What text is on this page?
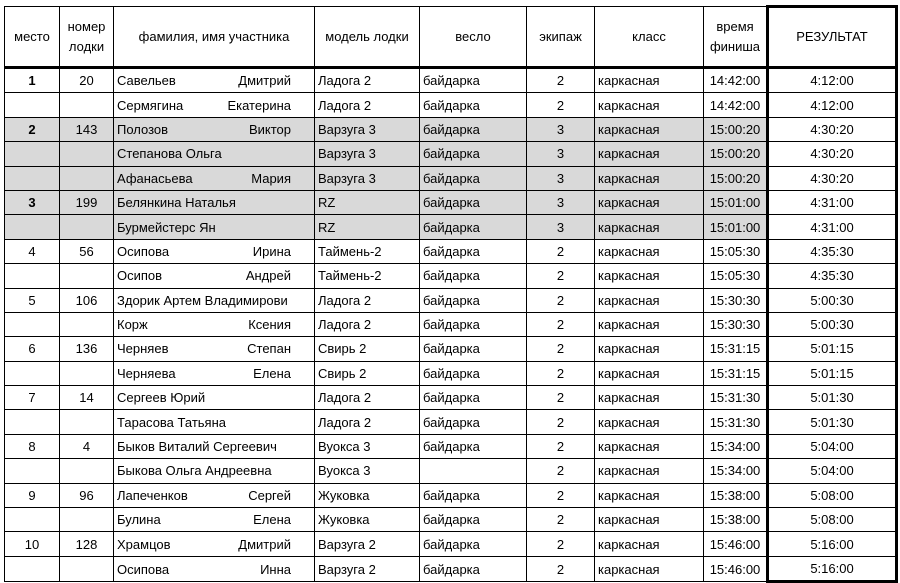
место	номер лодки	фамилия, имя участника	модель лодки	весло	экипаж	класс	время финиша	РЕЗУЛЬТАТ
1	20	Савельев Дмитрий	Ладога 2	байдарка	2	каркасная	14:42:00	4:12:00

		Сермягина Екатерина	Ладога 2	байдарка	2	каркасная	14:42:00	4:12:00
2	143	Полозов Виктор	Варзуга 3	байдарка	3	каркасная	15:00:20	4:30:20

		Степанова Ольга	Варзуга 3	байдарка	3	каркасная	15:00:20	4:30:20

		Афанасьева Мария	Варзуга 3	байдарка	3	каркасная	15:00:20	4:30:20
3	199	Белянкина Наталья	RZ	байдарка	3	каркасная	15:01:00	4:31:00

		Бурмейстерс Ян	RZ	байдарка	3	каркасная	15:01:00	4:31:00
4	56	Осипова Ирина	Таймень-2	байдарка	2	каркасная	15:05:30	4:35:30

		Осипов Андрей	Таймень-2	байдарка	2	каркасная	15:05:30	4:35:30
5	106	Здорик Артем Владимирови	Ладога 2	байдарка	2	каркасная	15:30:30	5:00:30

		Корж Ксения	Ладога 2	байдарка	2	каркасная	15:30:30	5:00:30
6	136	Черняев Степан	Свирь 2	байдарка	2	каркасная	15:31:15	5:01:15

		Черняева Елена	Свирь 2	байдарка	2	каркасная	15:31:15	5:01:15
7	14	Сергеев Юрий	Ладога 2	байдарка	2	каркасная	15:31:30	5:01:30

		Тарасова Татьяна	Ладога 2	байдарка	2	каркасная	15:31:30	5:01:30
8	4	Быков Виталий Сергеевич	Вуокса 3	байдарка	2	каркасная	15:34:00	5:04:00

		Быкова Ольга Андреевна	Вуокса 3		2	каркасная	15:34:00	5:04:00
9	96	Лапеченков Сергей	Жуковка	байдарка	2	каркасная	15:38:00	5:08:00

		Булина Елена	Жуковка	байдарка	2	каркасная	15:38:00	5:08:00
10	128	Храмцов Дмитрий	Варзуга 2	байдарка	2	каркасная	15:46:00	5:16:00

		Осипова Инна	Варзуга 2	байдарка	2	каркасная	15:46:00	5:16:00
